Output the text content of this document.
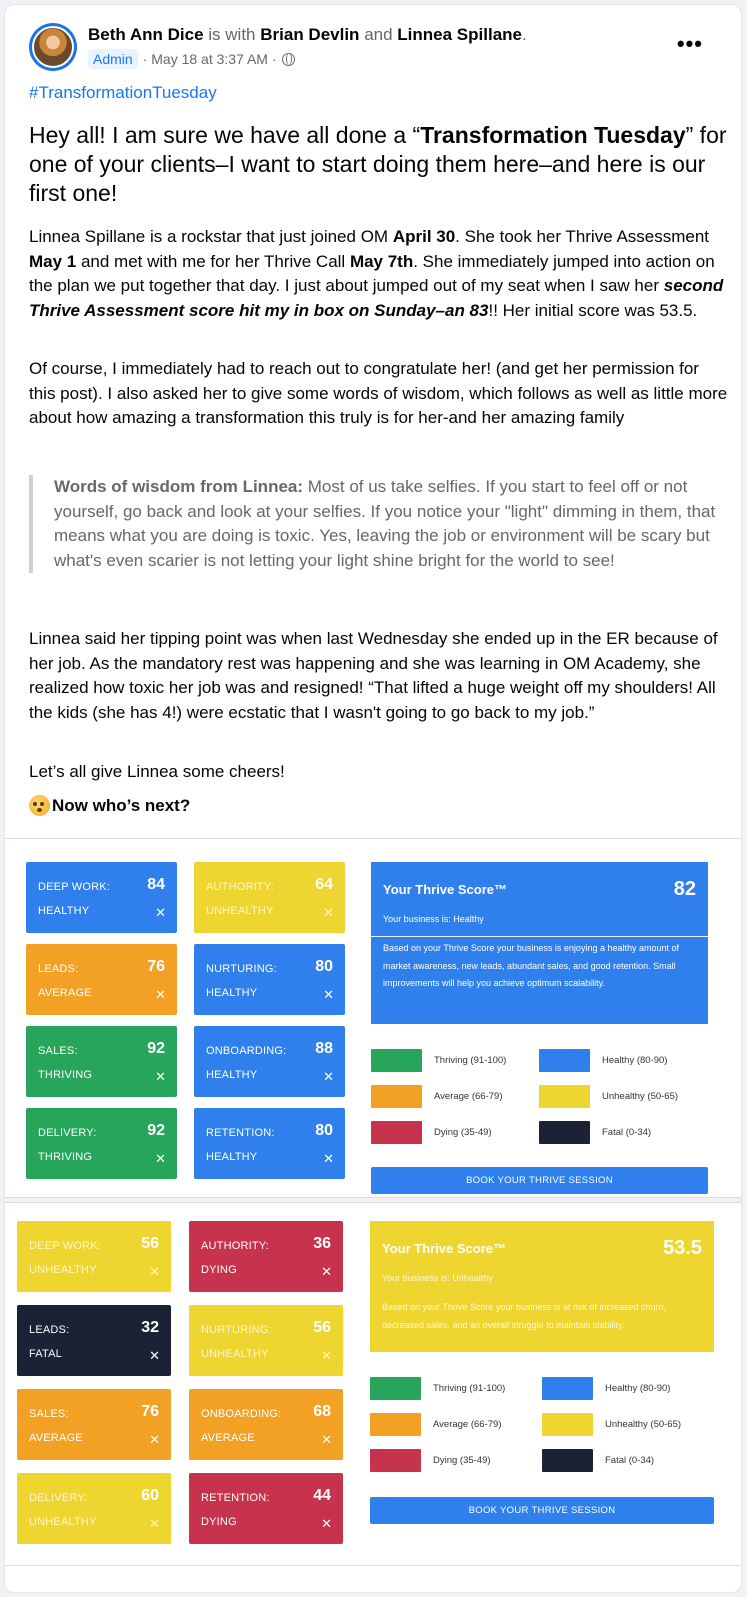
Beth Ann Dice is with Brian Devlin and Linnea Spillane.
Admin · May 18 at 3:37 AM ·
•••
#TransformationTuesday
Hey all! I am sure we have all done a “Transformation Tuesday” for one of your clients–I want to start doing them here–and here is our first one!
Linnea Spillane is a rockstar that just joined OM April 30. She took her Thrive Assessment May 1 and met with me for her Thrive Call May 7th. She immediately jumped into action on the plan we put together that day. I just about jumped out of my seat when I saw her second Thrive Assessment score hit my in box on Sunday–an 83!! Her initial score was 53.5.
Of course, I immediately had to reach out to congratulate her! (and get her permission for this post). I also asked her to give some words of wisdom, which follows as well as little more about how amazing a transformation this truly is for her-and her amazing family
Words of wisdom from Linnea: Most of us take selfies. If you start to feel off or not yourself, go back and look at your selfies. If you notice your "light" dimming in them, that means what you are doing is toxic. Yes, leaving the job or environment will be scary but what's even scarier is not letting your light shine bright for the world to see!
Linnea said her tipping point was when last Wednesday she ended up in the ER because of her job. As the mandatory rest was happening and she was learning in OM Academy, she realized how toxic her job was and resigned! “That lifted a huge weight off my shoulders! All the kids (she has 4!) were ecstatic that I wasn't going to go back to my job.”
Let’s all give Linnea some cheers!
Now who’s next?
DEEP WORK: 84
HEALTHY	✕
AUTHORITY:	64
UNHEALTHY	✕
LEADS:	76
AVERAGE	✕
NURTURING: 80
HEALTHY	✕
SALES:	92
THRIVING	✕
ONBOARDING: 88
HEALTHY	✕
DELIVERY:	92
THRIVING	✕
RETENTION:	80
HEALTHY	✕
Your Thrive Score™	82
Your business is: Healthy
Based on your Thrive Score your business is enjoying a healthy amount of market awareness, new leads, abundant sales, and good retention. Small improvements will help you achieve optimum scalability.
Thriving (91-100)	Healthy (80-90)
Average (66-79)	Unhealthy (50-65)
Dying (35-49)	Fatal (0-34)
BOOK YOUR THRIVE SESSION
DEEP WORK:	56
UNHEALTHY	✕
AUTHORITY:	36
DYING	✕
LEADS:	32
FATAL	✕
NURTURING:	56
UNHEALTHY	✕
SALES:	76
AVERAGE	✕
ONBOARDING: 68
AVERAGE	✕
DELIVERY:	60
UNHEALTHY	✕
RETENTION:	44
DYING	✕
Your Thrive Score™	53.5
Your business is: Unhealthy
Based on your Thrive Score your business is at risk of increased churn, decreased sales, and an overall struggle to maintain stability.
Thriving (91-100)	Healthy (80-90)
Average (66-79)	Unhealthy (50-65)
Dying (35-49)	Fatal (0-34)
BOOK YOUR THRIVE SESSION
